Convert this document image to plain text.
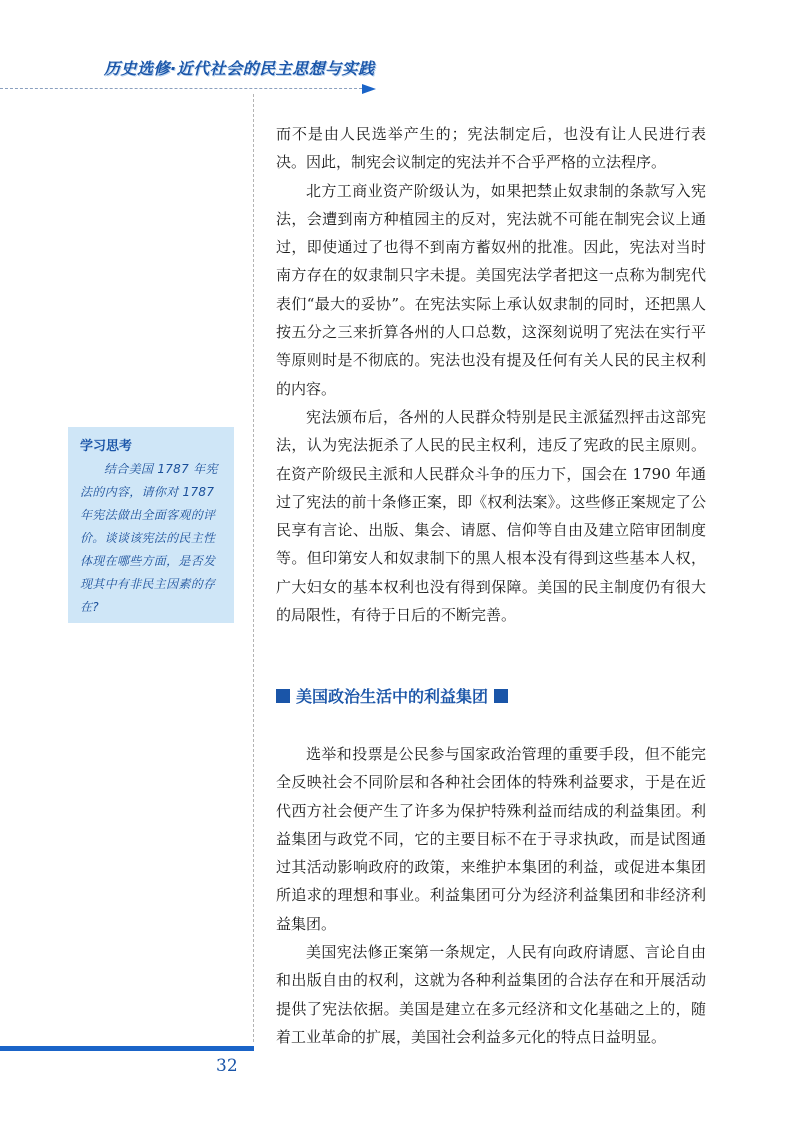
历史选修·近代社会的民主思想与实践
学习思考

结合美国 1787 年宪法的内容，请你对 1787 年宪法做出全面客观的评价。谈谈该宪法的民主性体现在哪些方面，是否发现其中有非民主因素的存在?

而不是由人民选举产生的；宪法制定后，也没有让人民进行表决。因此，制宪会议制定的宪法并不合乎严格的立法程序。

北方工商业资产阶级认为，如果把禁止奴隶制的条款写入宪法，会遭到南方种植园主的反对，宪法就不可能在制宪会议上通过，即使通过了也得不到南方蓄奴州的批准。因此，宪法对当时南方存在的奴隶制只字未提。美国宪法学者把这一点称为制宪代表们“最大的妥协”。在宪法实际上承认奴隶制的同时，还把黑人按五分之三来折算各州的人口总数，这深刻说明了宪法在实行平等原则时是不彻底的。宪法也没有提及任何有关人民的民主权利的内容。

宪法颁布后，各州的人民群众特别是民主派猛烈抨击这部宪法，认为宪法扼杀了人民的民主权利，违反了宪政的民主原则。在资产阶级民主派和人民群众斗争的压力下，国会在 1790 年通过了宪法的前十条修正案，即《权利法案》。这些修正案规定了公民享有言论、出版、集会、请愿、信仰等自由及建立陪审团制度等。但印第安人和奴隶制下的黑人根本没有得到这些基本人权，广大妇女的基本权利也没有得到保障。美国的民主制度仍有很大的局限性，有待于日后的不断完善。

美国政治生活中的利益集团

选举和投票是公民参与国家政治管理的重要手段，但不能完全反映社会不同阶层和各种社会团体的特殊利益要求，于是在近代西方社会便产生了许多为保护特殊利益而结成的利益集团。利益集团与政党不同，它的主要目标不在于寻求执政，而是试图通过其活动影响政府的政策，来维护本集团的利益，或促进本集团所追求的理想和事业。利益集团可分为经济利益集团和非经济利益集团。

美国宪法修正案第一条规定，人民有向政府请愿、言论自由和出版自由的权利，这就为各种利益集团的合法存在和开展活动提供了宪法依据。美国是建立在多元经济和文化基础之上的，随着工业革命的扩展，美国社会利益多元化的特点日益明显。

32
